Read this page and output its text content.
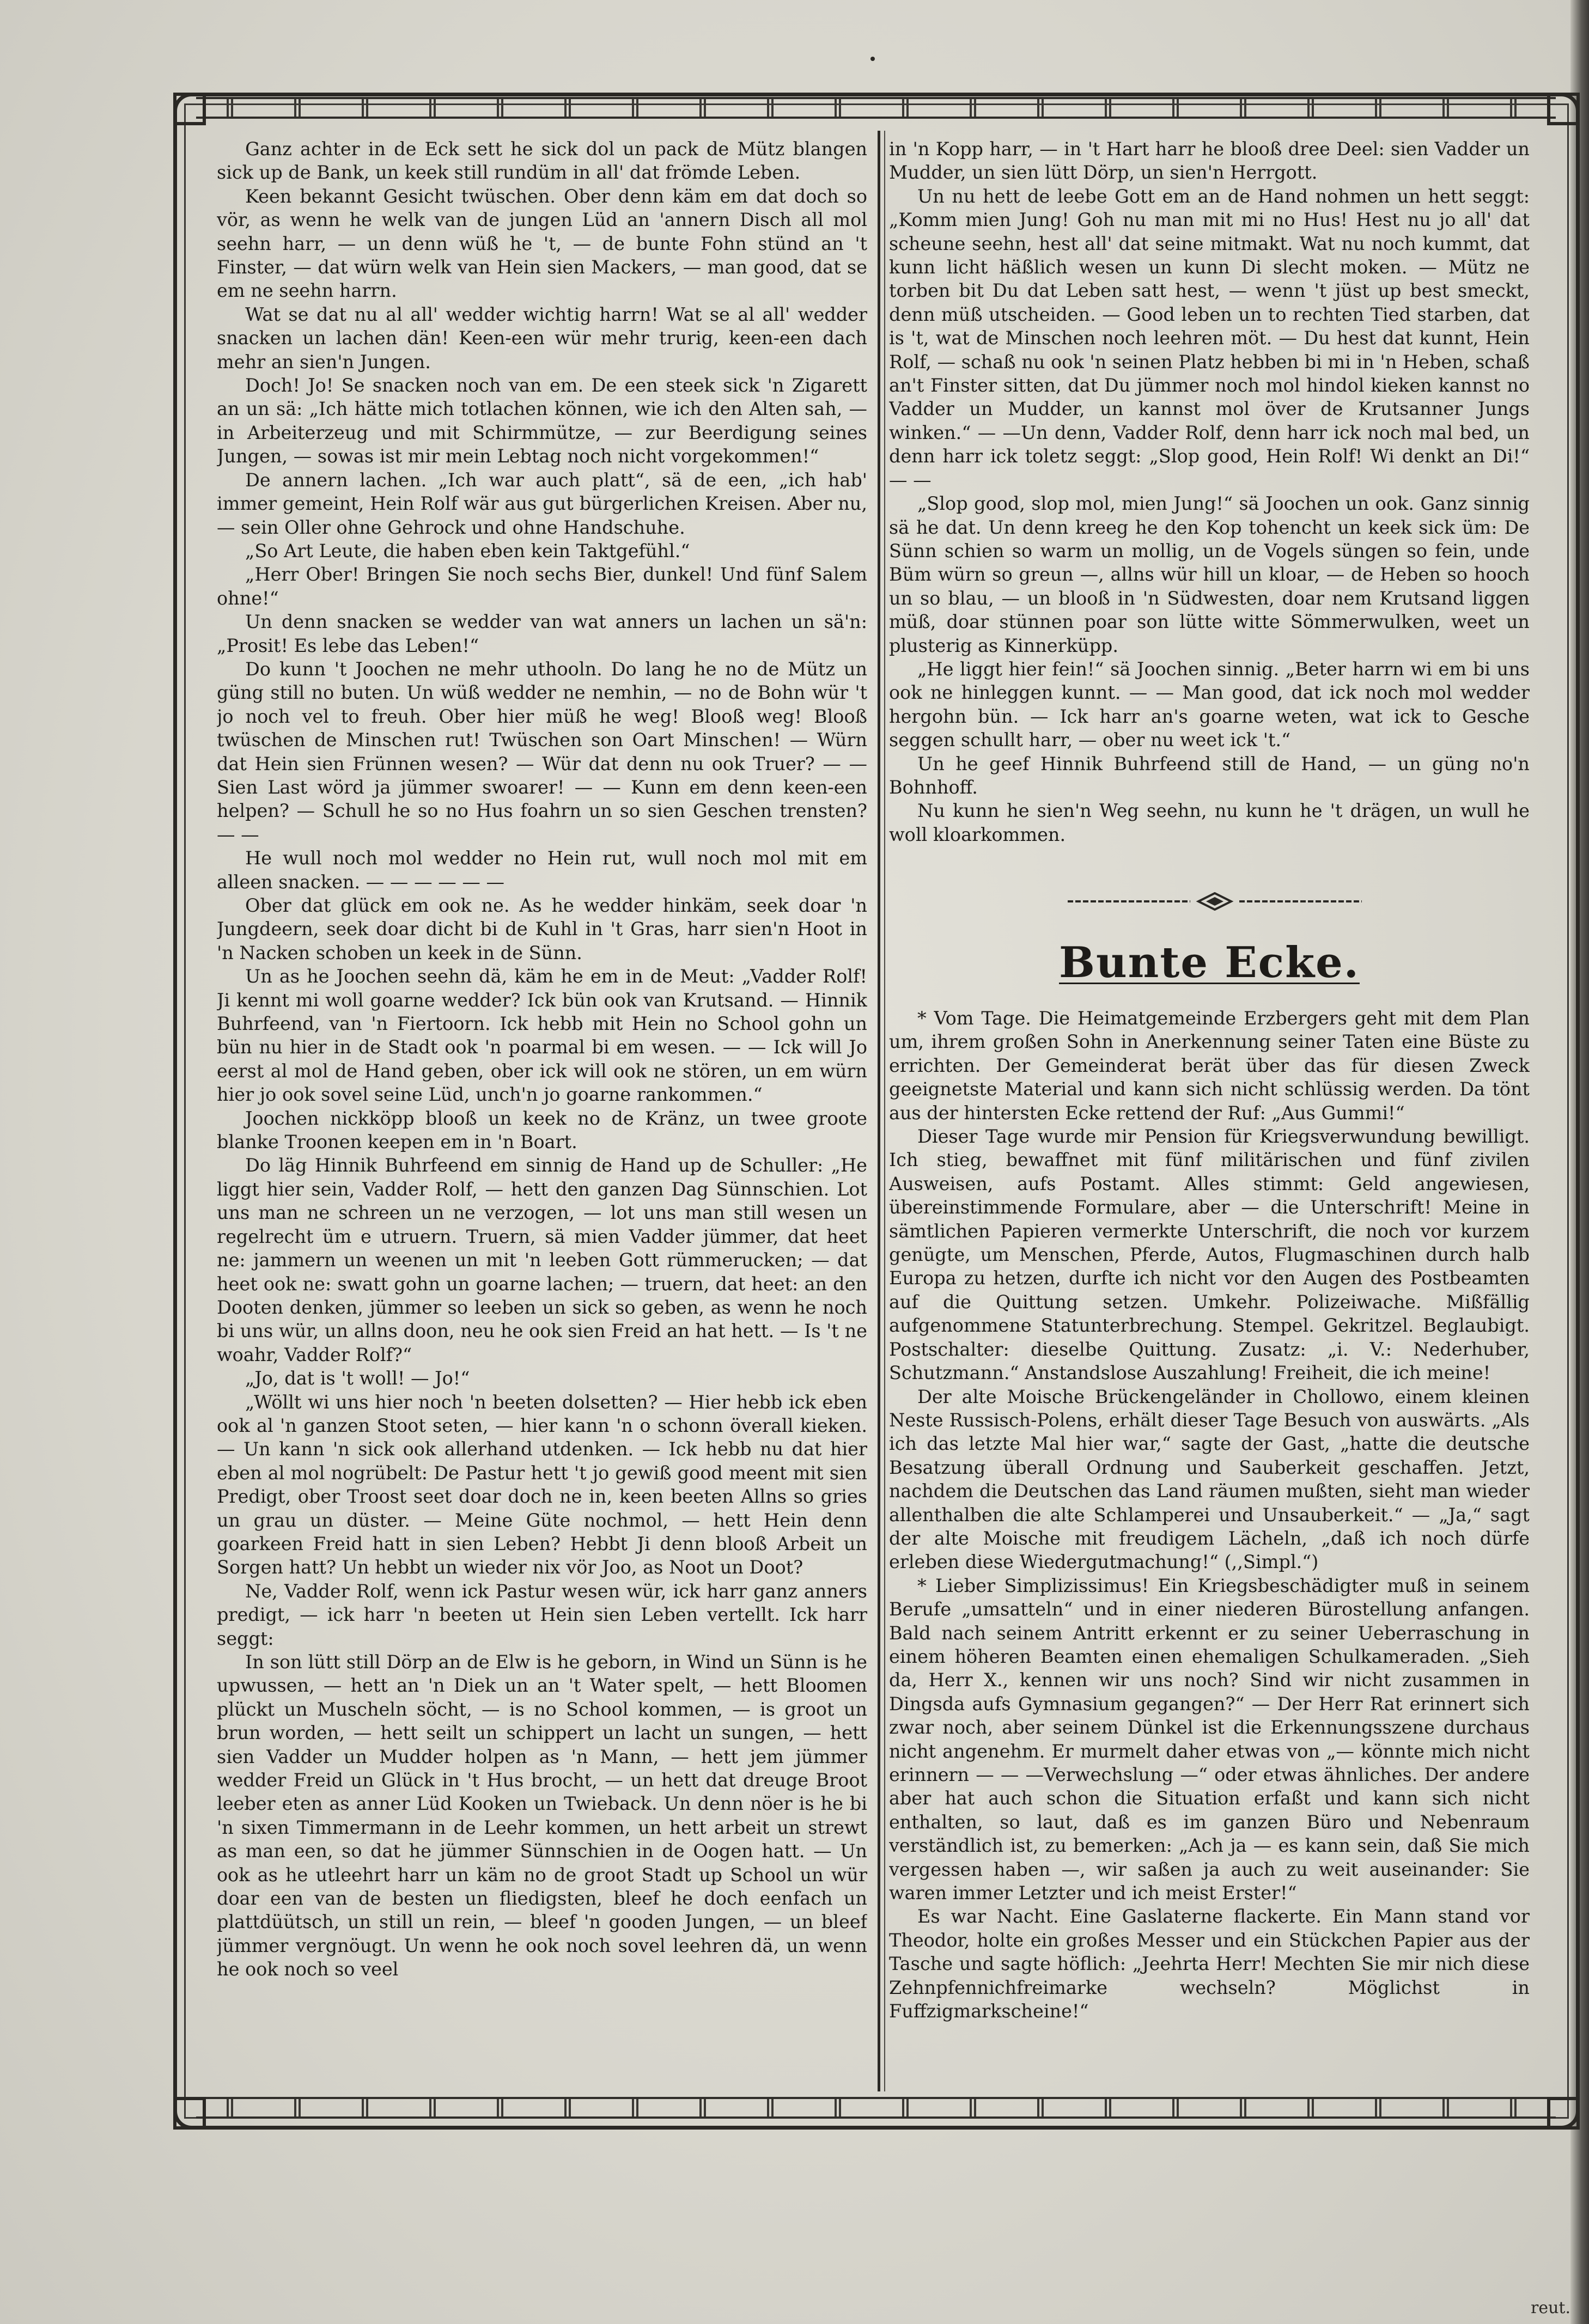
Ganz achter in de Eck sett he sick dol un pack de Mütz blangen sick up de Bank, un keek still rundüm in all' dat frömde Leben.

Keen bekannt Gesicht twüschen. Ober denn käm em dat doch so vör, as wenn he welk van de jungen Lüd an 'annern Disch all mol seehn harr, — un denn wüß he 't, — de bunte Fohn stünd an 't Finster, — dat würn welk van Hein sien Mackers, — man good, dat se em ne seehn harrn.

Wat se dat nu al all' wedder wichtig harrn! Wat se al all' wedder snacken un lachen dän! Keen-een wür mehr trurig, keen-een dach mehr an sien'n Jungen.

Doch! Jo! Se snacken noch van em. De een steek sick 'n Zigarett an un sä: „Ich hätte mich totlachen können, wie ich den Alten sah, — in Arbeiterzeug und mit Schirmmütze, — zur Beerdigung seines Jungen, — sowas ist mir mein Lebtag noch nicht vorgekommen!“

De annern lachen. „Ich war auch platt“, sä de een, „ich hab' immer gemeint, Hein Rolf wär aus gut bürgerlichen Kreisen. Aber nu, — sein Oller ohne Gehrock und ohne Handschuhe.

„So Art Leute, die haben eben kein Taktgefühl.“

„Herr Ober! Bringen Sie noch sechs Bier, dunkel! Und fünf Salem ohne!“

Un denn snacken se wedder van wat anners un lachen un sä'n: „Prosit! Es lebe das Leben!“

Do kunn 't Joochen ne mehr uthooln. Do lang he no de Mütz un güng still no buten. Un wüß wedder ne nemhin, — no de Bohn wür 't jo noch vel to freuh. Ober hier müß he weg! Blooß weg! Blooß twüschen de Minschen rut! Twüschen son Oart Minschen! — Würn dat Hein sien Frünnen wesen? — Wür dat denn nu ook Truer? — — Sien Last wörd ja jümmer swoarer! — — Kunn em denn keen-een helpen? — Schull he so no Hus foahrn un so sien Geschen trensten? — —

He wull noch mol wedder no Hein rut, wull noch mol mit em alleen snacken. — — — — — —

Ober dat glück em ook ne. As he wedder hinkäm, seek doar 'n Jungdeern, seek doar dicht bi de Kuhl in 't Gras, harr sien'n Hoot in 'n Nacken schoben un keek in de Sünn.

Un as he Joochen seehn dä, käm he em in de Meut: „Vadder Rolf! Ji kennt mi woll goarne wedder? Ick bün ook van Krutsand. — Hinnik Buhrfeend, van 'n Fiertoorn. Ick hebb mit Hein no School gohn un bün nu hier in de Stadt ook 'n poarmal bi em wesen. — — Ick will Jo eerst al mol de Hand geben, ober ick will ook ne stören, un em würn hier jo ook sovel seine Lüd, unch'n jo goarne rankommen.“

Joochen nickköpp blooß un keek no de Kränz, un twee groote blanke Troonen keepen em in 'n Boart.

Do läg Hinnik Buhrfeend em sinnig de Hand up de Schuller: „He liggt hier sein, Vadder Rolf, — hett den ganzen Dag Sünnschien. Lot uns man ne schreen un ne verzogen, — lot uns man still wesen un regelrecht üm e utruern. Truern, sä mien Vadder jümmer, dat heet ne: jammern un weenen un mit 'n leeben Gott rümmerucken; — dat heet ook ne: swatt gohn un goarne lachen; — truern, dat heet: an den Dooten denken, jümmer so leeben un sick so geben, as wenn he noch bi uns wür, un allns doon, neu he ook sien Freid an hat hett. — Is 't ne woahr, Vadder Rolf?“

„Jo, dat is 't woll! — Jo!“

„Wöllt wi uns hier noch 'n beeten dolsetten? — Hier hebb ick eben ook al 'n ganzen Stoot seten, — hier kann 'n o schonn överall kieken. — Un kann 'n sick ook allerhand utdenken. — Ick hebb nu dat hier eben al mol nogrübelt: De Pastur hett 't jo gewiß good meent mit sien Predigt, ober Troost seet doar doch ne in, keen beeten Allns so gries un grau un düster. — Meine Güte nochmol, — hett Hein denn goarkeen Freid hatt in sien Leben? Hebbt Ji denn blooß Arbeit un Sorgen hatt? Un hebbt un wieder nix vör Joo, as Noot un Doot?

Ne, Vadder Rolf, wenn ick Pastur wesen wür, ick harr ganz anners predigt, — ick harr 'n beeten ut Hein sien Leben vertellt. Ick harr seggt:

In son lütt still Dörp an de Elw is he geborn, in Wind un Sünn is he upwussen, — hett an 'n Diek un an 't Water spelt, — hett Bloomen plückt un Muscheln söcht, — is no School kommen, — is groot un brun worden, — hett seilt un schippert un lacht un sungen, — hett sien Vadder un Mudder holpen as 'n Mann, — hett jem jümmer wedder Freid un Glück in 't Hus brocht, — un hett dat dreuge Broot leeber eten as anner Lüd Kooken un Twieback. Un denn nöer is he bi 'n sixen Timmermann in de Leehr kommen, un hett arbeit un strewt as man een, so dat he jümmer Sünnschien in de Oogen hatt. — Un ook as he utleehrt harr un käm no de groot Stadt up School un wür doar een van de besten un fliedigsten, bleef he doch eenfach un plattdüütsch, un still un rein, — bleef 'n gooden Jungen, — un bleef jümmer vergnöugt. Un wenn he ook noch sovel leehren dä, un wenn he ook noch so veel

in 'n Kopp harr, — in 't Hart harr he blooß dree Deel: sien Vadder un Mudder, un sien lütt Dörp, un sien'n Herrgott.

Un nu hett de leebe Gott em an de Hand nohmen un hett seggt: „Komm mien Jung! Goh nu man mit mi no Hus! Hest nu jo all' dat scheune seehn, hest all' dat seine mitmakt. Wat nu noch kummt, dat kunn licht häßlich wesen un kunn Di slecht moken. — Mütz ne torben bit Du dat Leben satt hest, — wenn 't jüst up best smeckt, denn müß utscheiden. — Good leben un to rechten Tied starben, dat is 't, wat de Minschen noch leehren möt. — Du hest dat kunnt, Hein Rolf, — schaß nu ook 'n seinen Platz hebben bi mi in 'n Heben, schaß an't Finster sitten, dat Du jümmer noch mol hindol kieken kannst no Vadder un Mudder, un kannst mol över de Krutsanner Jungs winken.“ — —Un denn, Vadder Rolf, denn harr ick noch mal bed, un denn harr ick toletz seggt: „Slop good, Hein Rolf! Wi denkt an Di!“ — —

„Slop good, slop mol, mien Jung!“ sä Joochen un ook. Ganz sinnig sä he dat. Un denn kreeg he den Kop tohencht un keek sick üm: De Sünn schien so warm un mollig, un de Vogels süngen so fein, unde Büm würn so greun —, allns wür hill un kloar, — de Heben so hooch un so blau, — un blooß in 'n Südwesten, doar nem Krutsand liggen müß, doar stünnen poar son lütte witte Sömmerwulken, weet un plusterig as Kinnerküpp.

„He liggt hier fein!“ sä Joochen sinnig. „Beter harrn wi em bi uns ook ne hinleggen kunnt. — — Man good, dat ick noch mol wedder hergohn bün. — Ick harr an's goarne weten, wat ick to Gesche seggen schullt harr, — ober nu weet ick 't.“

Un he geef Hinnik Buhrfeend still de Hand, — un güng no'n Bohnhoff.

Nu kunn he sien'n Weg seehn, nu kunn he 't drägen, un wull he woll kloarkommen.

Bunte Ecke.

* Vom Tage. Die Heimatgemeinde Erzbergers geht mit dem Plan um, ihrem großen Sohn in Anerkennung seiner Taten eine Büste zu errichten. Der Gemeinderat berät über das für diesen Zweck geeignetste Material und kann sich nicht schlüssig werden. Da tönt aus der hintersten Ecke rettend der Ruf: „Aus Gummi!“

Dieser Tage wurde mir Pension für Kriegsverwundung bewilligt. Ich stieg, bewaffnet mit fünf militärischen und fünf zivilen Ausweisen, aufs Postamt. Alles stimmt: Geld angewiesen, übereinstimmende Formulare, aber — die Unterschrift! Meine in sämtlichen Papieren vermerkte Unterschrift, die noch vor kurzem genügte, um Menschen, Pferde, Autos, Flugmaschinen durch halb Europa zu hetzen, durfte ich nicht vor den Augen des Postbeamten auf die Quittung setzen. Umkehr. Polizeiwache. Mißfällig aufgenommene Statunterbrechung. Stempel. Gekritzel. Beglaubigt. Postschalter: dieselbe Quittung. Zusatz: „i. V.: Nederhuber, Schutzmann.“ Anstandslose Auszahlung! Freiheit, die ich meine!

Der alte Moische Brückengeländer in Chollowo, einem kleinen Neste Russisch-Polens, erhält dieser Tage Besuch von auswärts. „Als ich das letzte Mal hier war,“ sagte der Gast, „hatte die deutsche Besatzung überall Ordnung und Sauberkeit geschaffen. Jetzt, nachdem die Deutschen das Land räumen mußten, sieht man wieder allenthalben die alte Schlamperei und Unsauberkeit.“ — „Ja,“ sagt der alte Moische mit freudigem Lächeln, „daß ich noch dürfe erleben diese Wiedergutmachung!“ (,,Simpl.“)

* Lieber Simplizissimus! Ein Kriegsbeschädigter muß in seinem Berufe „umsatteln“ und in einer niederen Bürostellung anfangen. Bald nach seinem Antritt erkennt er zu seiner Ueberraschung in einem höheren Beamten einen ehemaligen Schulkameraden. „Sieh da, Herr X., kennen wir uns noch? Sind wir nicht zusammen in Dingsda aufs Gymnasium gegangen?“ — Der Herr Rat erinnert sich zwar noch, aber seinem Dünkel ist die Erkennungsszene durchaus nicht angenehm. Er murmelt daher etwas von „— könnte mich nicht erinnern — — —Verwechslung —“ oder etwas ähnliches. Der andere aber hat auch schon die Situation erfaßt und kann sich nicht enthalten, so laut, daß es im ganzen Büro und Nebenraum verständlich ist, zu bemerken: „Ach ja — es kann sein, daß Sie mich vergessen haben —, wir saßen ja auch zu weit auseinander: Sie waren immer Letzter und ich meist Erster!“

Es war Nacht. Eine Gaslaterne flackerte. Ein Mann stand vor Theodor, holte ein großes Messer und ein Stückchen Papier aus der Tasche und sagte höflich: „Jeehrta Herr! Mechten Sie mir nich diese Zehnpfennichfreimarke wechseln? Möglichst in Fuffzigmarkscheine!“

reut.
